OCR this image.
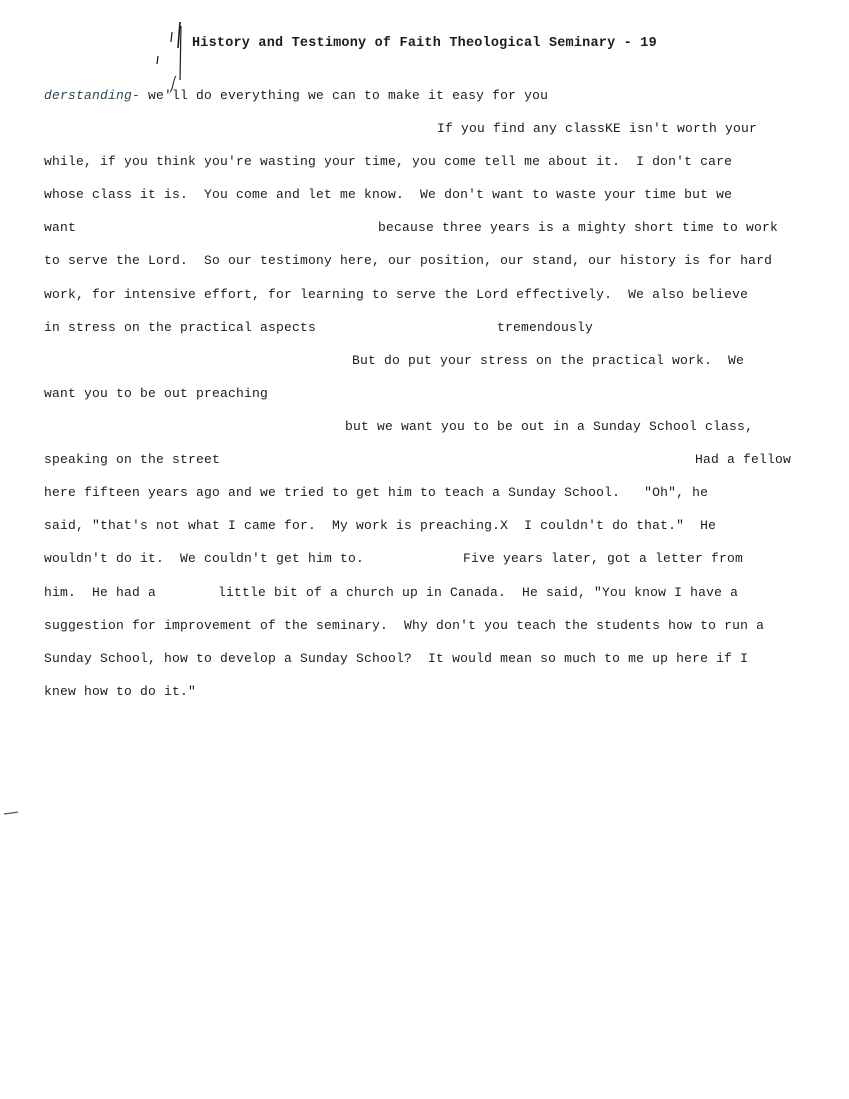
History and Testimony of Faith Theological Seminary - 19
derstanding- we'll do everything we can to make it easy for you
If you find any classKE isn't worth your
while, if you think you're wasting your time, you come tell me about it.  I don't care
whose class it is.  You come and let me know.  We don't want to waste your time but we
want	because three years is a mighty short time to work
to serve the Lord.  So our testimony here, our position, our stand, our history is for hard
work, for intensive effort, for learning to serve the Lord effectively.  We also believe
in stress on the practical aspects	tremendously
But do put your stress on the practical work.  We
want you to be out preaching
but we want you to be out in a Sunday School class,
speaking on the street	Had a fellow
here fifteen years ago and we tried to get him to teach a Sunday School.   "Oh", he
said, "that's not what I came for.  My work is preaching.X  I couldn't do that."  He
wouldn't do it.  We couldn't get him to.	Five years later, got a letter from
him.  He had a	little bit of a church up in Canada.  He said, "You know I have a
suggestion for improvement of the seminary.  Why don't you teach the students how to run a
Sunday School, how to develop a Sunday School?  It would mean so much to me up here if I
knew how to do it."
